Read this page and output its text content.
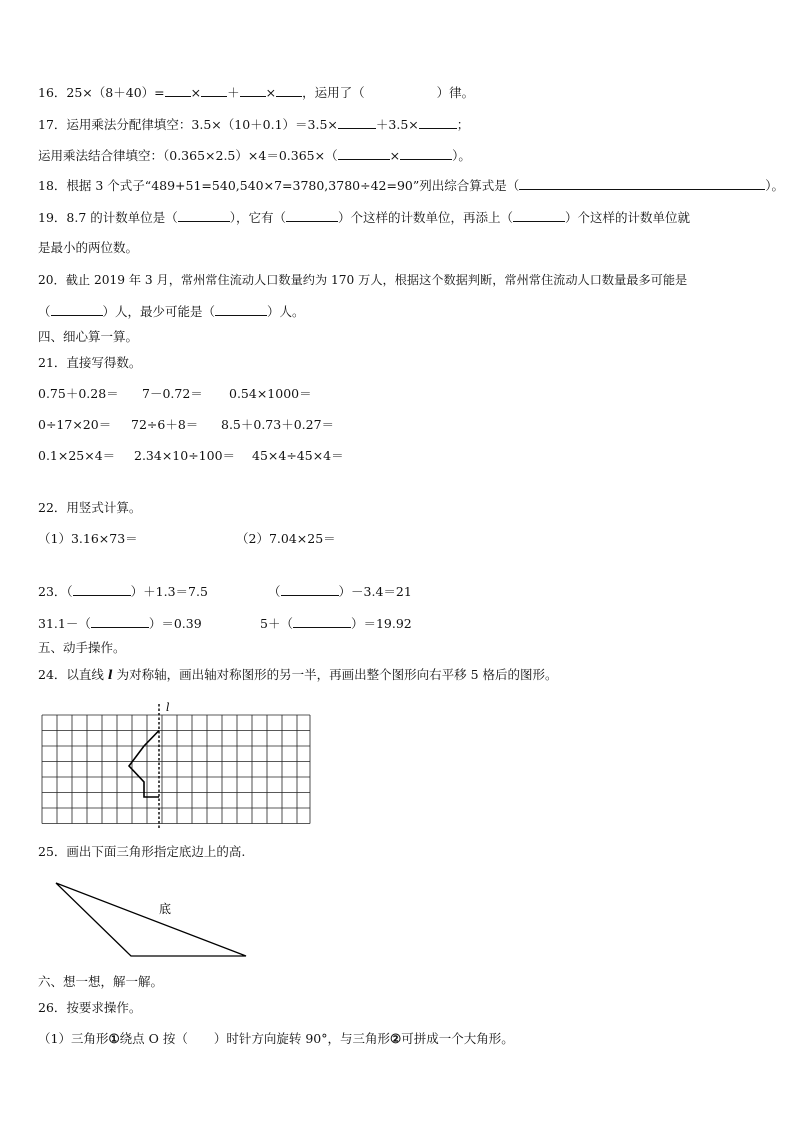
16．25×（8＋40）= × ＋ × ，运用了（	）律。
17．运用乘法分配律填空：3.5×（10＋0.1）＝3.5×	＋3.5×	；
运用乘法结合律填空：（0.365×2.5）×4＝0.365×（	×	）。
18．根据 3 个式子“489+51=540,540×7=3780,3780÷42=90”列出综合算式是（	）。
19．8.7 的计数单位是（	），它有（	）个这样的计数单位，再添上（	）个这样的计数单位就
是最小的两位数。
20．截止 2019 年 3 月，常州常住流动人口数量约为 170 万人，根据这个数据判断，常州常住流动人口数量最多可能是
（	）人，最少可能是（	）人。
四、细心算一算。
21．直接写得数。
0.75＋0.28＝ 7－0.72＝ 0.54×1000＝
0÷17×20＝ 72÷6＋8＝ 8.5＋0.73＋0.27＝
0.1×25×4＝ 2.34×10÷100＝ 45×4÷45×4＝
22．用竖式计算。
（1）3.16×73＝	（2）7.04×25＝
23．（	）＋1.3＝7.5	（	）－3.4＝21
31.1－（	）＝0.39	5＋（	）＝19.92
五、动手操作。
24．以直线 l 为对称轴，画出轴对称图形的另一半，再画出整个图形向右平移 5 格后的图形。
l
25．画出下面三角形指定底边上的高.
底
六、想一想，解一解。
26．按要求操作。
（1）三角形①绕点 O 按（ ）时针方向旋转 90°，与三角形②可拼成一个大角形。
